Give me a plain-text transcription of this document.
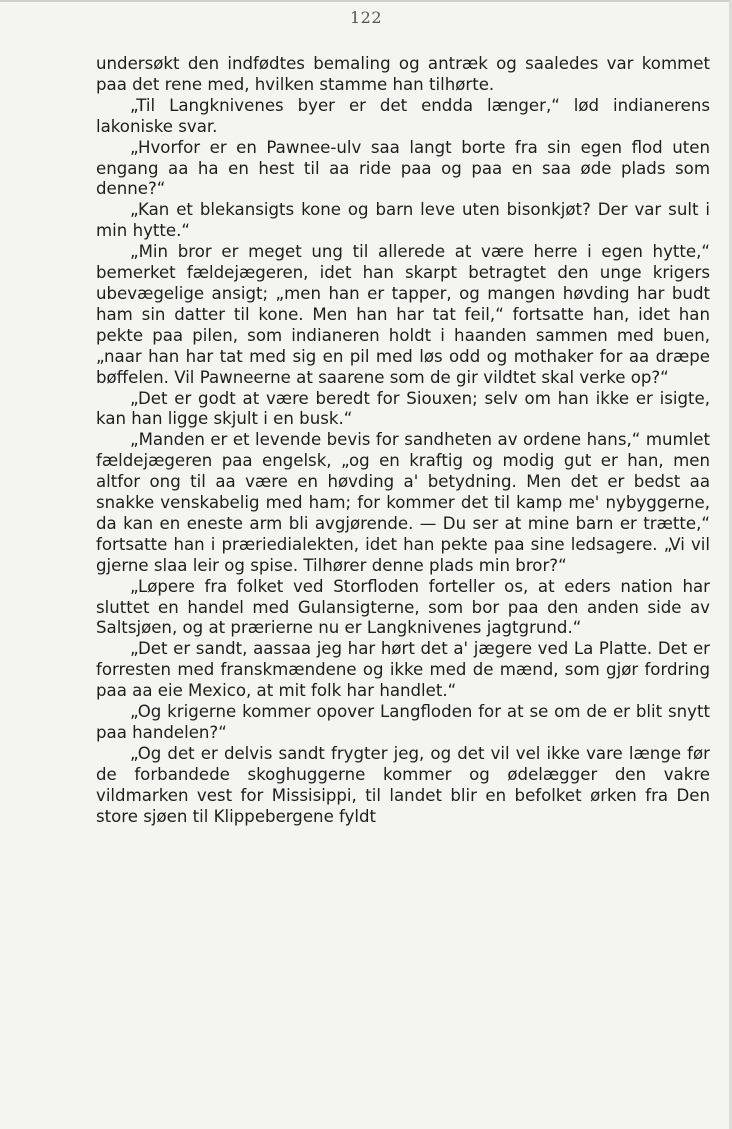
122

undersøkt den indfødtes bemaling og antræk og saaledes var kommet paa det rene med, hvilken stamme han tilhørte.

„Til Langknivenes byer er det endda længer,“ lød indianerens lakoniske svar.

„Hvorfor er en Pawnee-ulv saa langt borte fra sin egen flod uten engang aa ha en hest til aa ride paa og paa en saa øde plads som denne?“

„Kan et blekansigts kone og barn leve uten bisonkjøt? Der var sult i min hytte.“

„Min bror er meget ung til allerede at være herre i egen hytte,“ bemerket fældejægeren, idet han skarpt betragtet den unge krigers ubevægelige ansigt; „men han er tapper, og mangen høvding har budt ham sin datter til kone. Men han har tat feil,“ fortsatte han, idet han pekte paa pilen, som indianeren holdt i haanden sammen med buen, „naar han har tat med sig en pil med løs odd og mothaker for aa dræpe bøffelen. Vil Pawneerne at saarene som de gir vildtet skal verke op?“

„Det er godt at være beredt for Siouxen; selv om han ikke er isigte, kan han ligge skjult i en busk.“

„Manden er et levende bevis for sandheten av ordene hans,“ mumlet fældejægeren paa engelsk, „og en kraftig og modig gut er han, men altfor ong til aa være en høvding a' betydning. Men det er bedst aa snakke venskabelig med ham; for kommer det til kamp me' nybyggerne, da kan en eneste arm bli avgjørende. — Du ser at mine barn er trætte,“ fortsatte han i præriedialekten, idet han pekte paa sine ledsagere. „Vi vil gjerne slaa leir og spise. Tilhører denne plads min bror?“

„Løpere fra folket ved Storfloden forteller os, at eders nation har sluttet en handel med Gulansigterne, som bor paa den anden side av Saltsjøen, og at prærierne nu er Langknivenes jagtgrund.“

„Det er sandt, aassaa jeg har hørt det a' jægere ved La Platte. Det er forresten med franskmændene og ikke med de mænd, som gjør fordring paa aa eie Mexico, at mit folk har handlet.“

„Og krigerne kommer opover Langfloden for at se om de er blit snytt paa handelen?“

„Og det er delvis sandt frygter jeg, og det vil vel ikke vare længe før de forbandede skoghuggerne kommer og ødelægger den vakre vildmarken vest for Missisippi, til landet blir en befolket ørken fra Den store sjøen til Klippebergene fyldt
